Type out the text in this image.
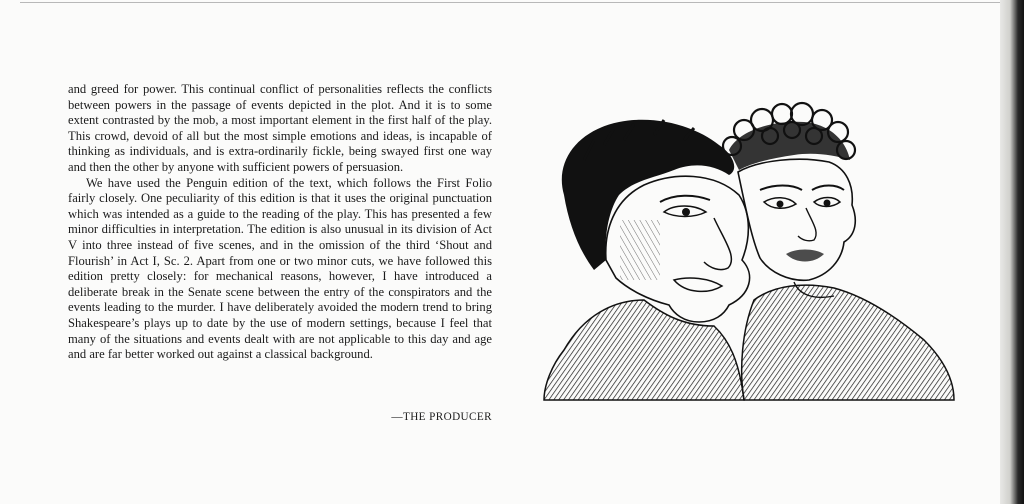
and greed for power. This continual conflict of personalities reflects the conflicts between powers in the passage of events depicted in the plot. And it is to some extent contrasted by the mob, a most important element in the first half of the play. This crowd, devoid of all but the most simple emotions and ideas, is incapable of thinking as individuals, and is extra-ordinarily fickle, being swayed first one way and then the other by anyone with sufficient powers of persuasion.

We have used the Penguin edition of the text, which follows the First Folio fairly closely. One peculiarity of this edition is that it uses the original punctuation which was intended as a guide to the reading of the play. This has presented a few minor difficulties in interpretation. The edition is also unusual in its division of Act V into three instead of five scenes, and in the omission of the third ‘Shout and Flourish’ in Act I, Sc. 2. Apart from one or two minor cuts, we have followed this edition pretty closely: for mechanical reasons, however, I have introduced a deliberate break in the Senate scene between the entry of the conspirators and the events leading to the murder. I have deliberately avoided the modern trend to bring Shakespeare’s plays up to date by the use of modern settings, because I feel that many of the situations and events dealt with are not applicable to this day and age and are far better worked out against a classical background.

—THE PRODUCER
